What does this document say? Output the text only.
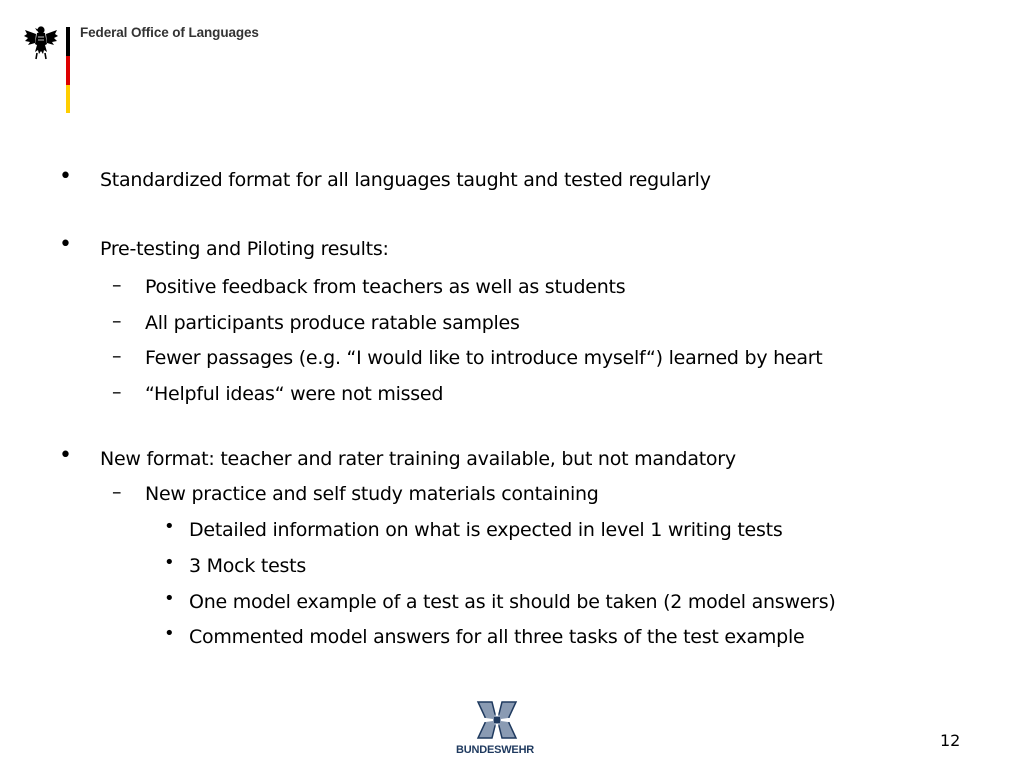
Federal Office of Languages
• Standardized format for all languages taught and tested regularly
• Pre-testing and Piloting results:
– Positive feedback from teachers as well as students
– All participants produce ratable samples
– Fewer passages (e.g. “I would like to introduce myself“) learned by heart
– “Helpful ideas“ were not missed
• New format: teacher and rater training available, but not mandatory
– New practice and self study materials containing
• Detailed information on what is expected in level 1 writing tests
• 3 Mock tests
• One model example of a test as it should be taken (2 model answers)
• Commented model answers for all three tasks of the test example
BUNDESWEHR	12
